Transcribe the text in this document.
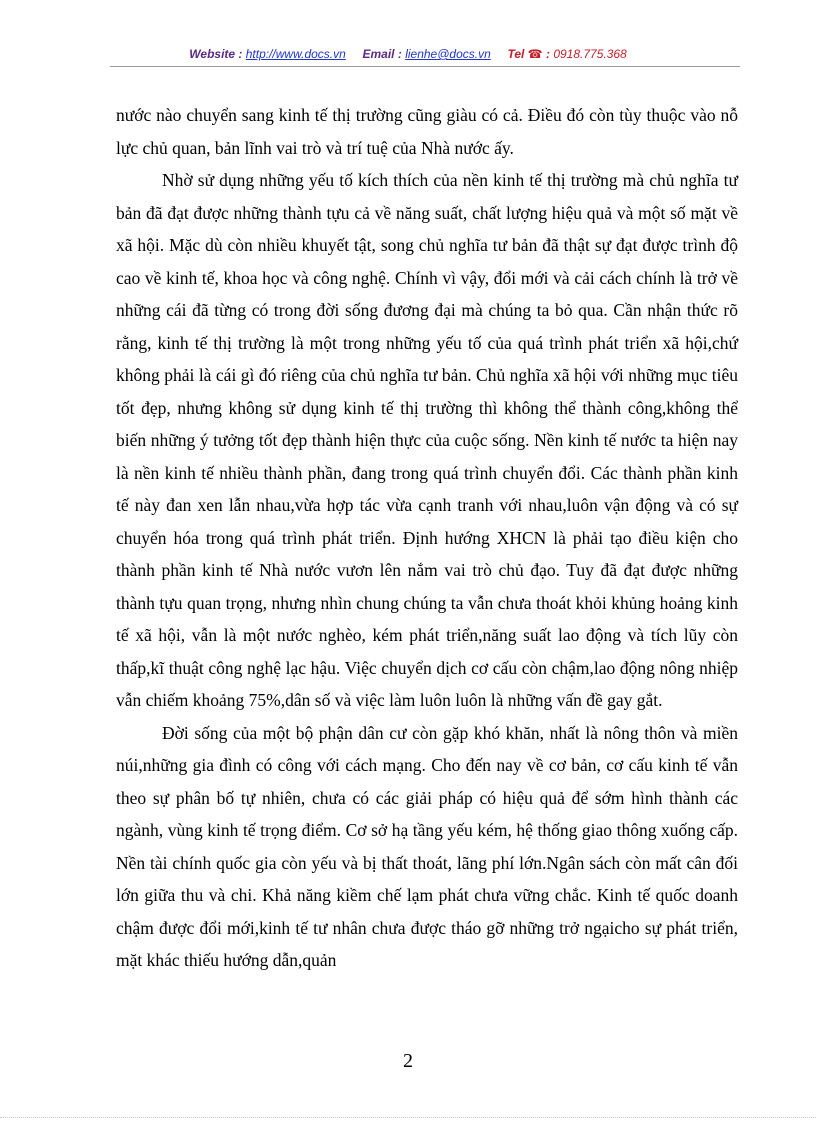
Website : http://www.docs.vn Email : lienhe@docs.vn Tel ☎ : 0918.775.368

nước nào chuyển sang kinh tế thị trường cũng giàu có cả. Điều đó còn tùy thuộc vào nỗ lực chủ quan, bản lĩnh vai trò và trí tuệ của Nhà nước ấy.

Nhờ sử dụng những yếu tố kích thích của nền kinh tế thị trường mà chủ nghĩa tư bản đã đạt được những thành tựu cả về năng suất, chất lượng hiệu quả và một số mặt về xã hội. Mặc dù còn nhiều khuyết tật, song chủ nghĩa tư bản đã thật sự đạt được trình độ cao về kinh tế, khoa học và công nghệ. Chính vì vậy, đổi mới và cải cách chính là trở về những cái đã từng có trong đời sống đương đại mà chúng ta bỏ qua. Cần nhận thức rõ rằng, kinh tế thị trường là một trong những yếu tố của quá trình phát triển xã hội,chứ không phải là cái gì đó riêng của chủ nghĩa tư bản. Chủ nghĩa xã hội với những mục tiêu tốt đẹp, nhưng không sử dụng kinh tế thị trường thì không thể thành công,không thể biến những ý tưởng tốt đẹp thành hiện thực của cuộc sống. Nền kinh tế nước ta hiện nay là nền kinh tế nhiều thành phần, đang trong quá trình chuyển đổi. Các thành phần kinh tế này đan xen lẫn nhau,vừa hợp tác vừa cạnh tranh với nhau,luôn vận động và có sự chuyển hóa trong quá trình phát triển. Định hướng XHCN là phải tạo điều kiện cho thành phần kinh tế Nhà nước vươn lên nắm vai trò chủ đạo. Tuy đã đạt được những thành tựu quan trọng, nhưng nhìn chung chúng ta vẫn chưa thoát khỏi khủng hoảng kinh tế xã hội, vẫn là một nước nghèo, kém phát triển,năng suất lao động và tích lũy còn thấp,kĩ thuật công nghệ lạc hậu. Việc chuyển dịch cơ cấu còn chậm,lao động nông nhiệp vẫn chiếm khoảng 75%,dân số và việc làm luôn luôn là những vấn đề gay gắt.

Đời sống của một bộ phận dân cư còn gặp khó khăn, nhất là nông thôn và miền núi,những gia đình có công với cách mạng. Cho đến nay về cơ bản, cơ cấu kinh tế vẫn theo sự phân bố tự nhiên, chưa có các giải pháp có hiệu quả để sớm hình thành các ngành, vùng kinh tế trọng điểm. Cơ sở hạ tầng yếu kém, hệ thống giao thông xuống cấp. Nền tài chính quốc gia còn yếu và bị thất thoát, lãng phí lớn.Ngân sách còn mất cân đối lớn giữa thu và chi. Khả năng kiềm chế lạm phát chưa vững chắc. Kinh tế quốc doanh chậm được đổi mới,kinh tế tư nhân chưa được tháo gỡ những trở ngạicho sự phát triển, mặt khác thiếu hướng dẫn,quản

2
